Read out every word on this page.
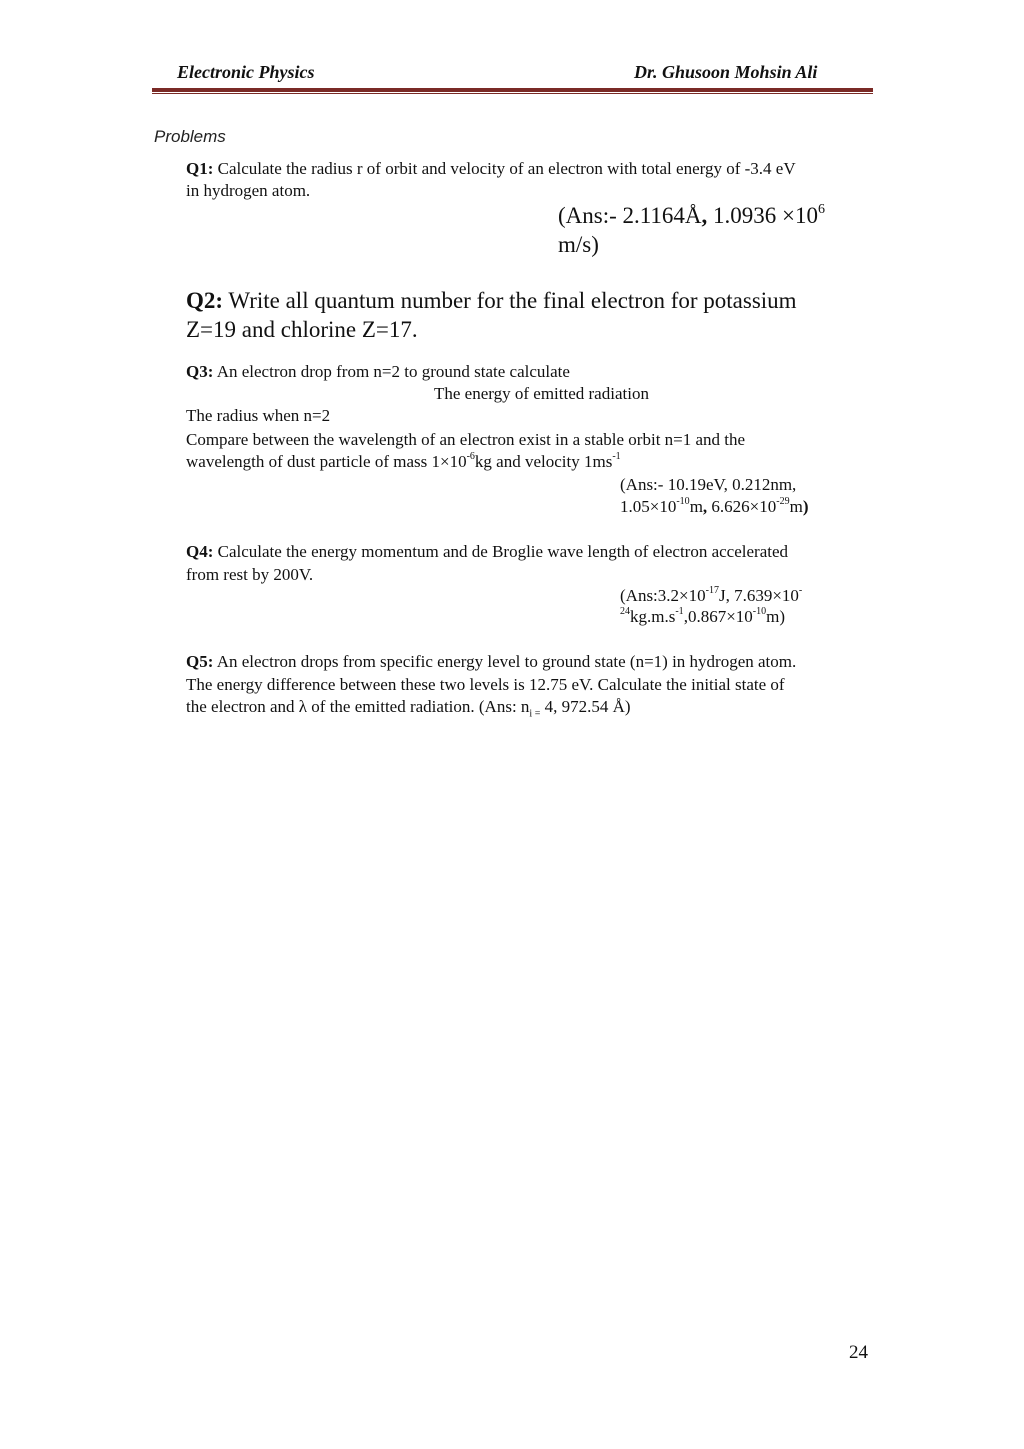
Electronic Physics	Dr. Ghusoon Mohsin Ali
Problems
Q1: Calculate the radius r of orbit and velocity of an electron with total energy of -3.4 eV
in hydrogen atom.
(Ans:- 2.1164Å, $1.0936 \times 10^6$
m/s)
Q2: Write all quantum number for the final electron for potassium
Z=19 and chlorine Z=17.
Q3: An electron drop from n=2 to ground state calculate
The energy of emitted radiation
The radius when n=2
Compare between the wavelength of an electron exist in a stable orbit n=1 and the
wavelength of dust particle of mass $1\times 10^{-6}kg$ and velocity $1ms^{-1}$
(Ans:- 10.19eV, 0.212nm,
$1.05\times 10^{-10}m$, $6.626\times 10^{-29}m$)
Q4: Calculate the energy momentum and de Broglie wave length of electron accelerated
from rest by 200V.
($Ans:3.2\times 10^{-17}J$, 7.639×10-
$^{24}kg.m.s^{-1},0.867\times 10^{-10}m$)
Q5: An electron drops from specific energy level to ground state (n=1) in hydrogen atom.
The energy difference between these two levels is 12.75 eV. Calculate the initial state of
the electron and λ of the emitted radiation. (Ans: $n_{i =}$ 4, 972.54 Å)
24
